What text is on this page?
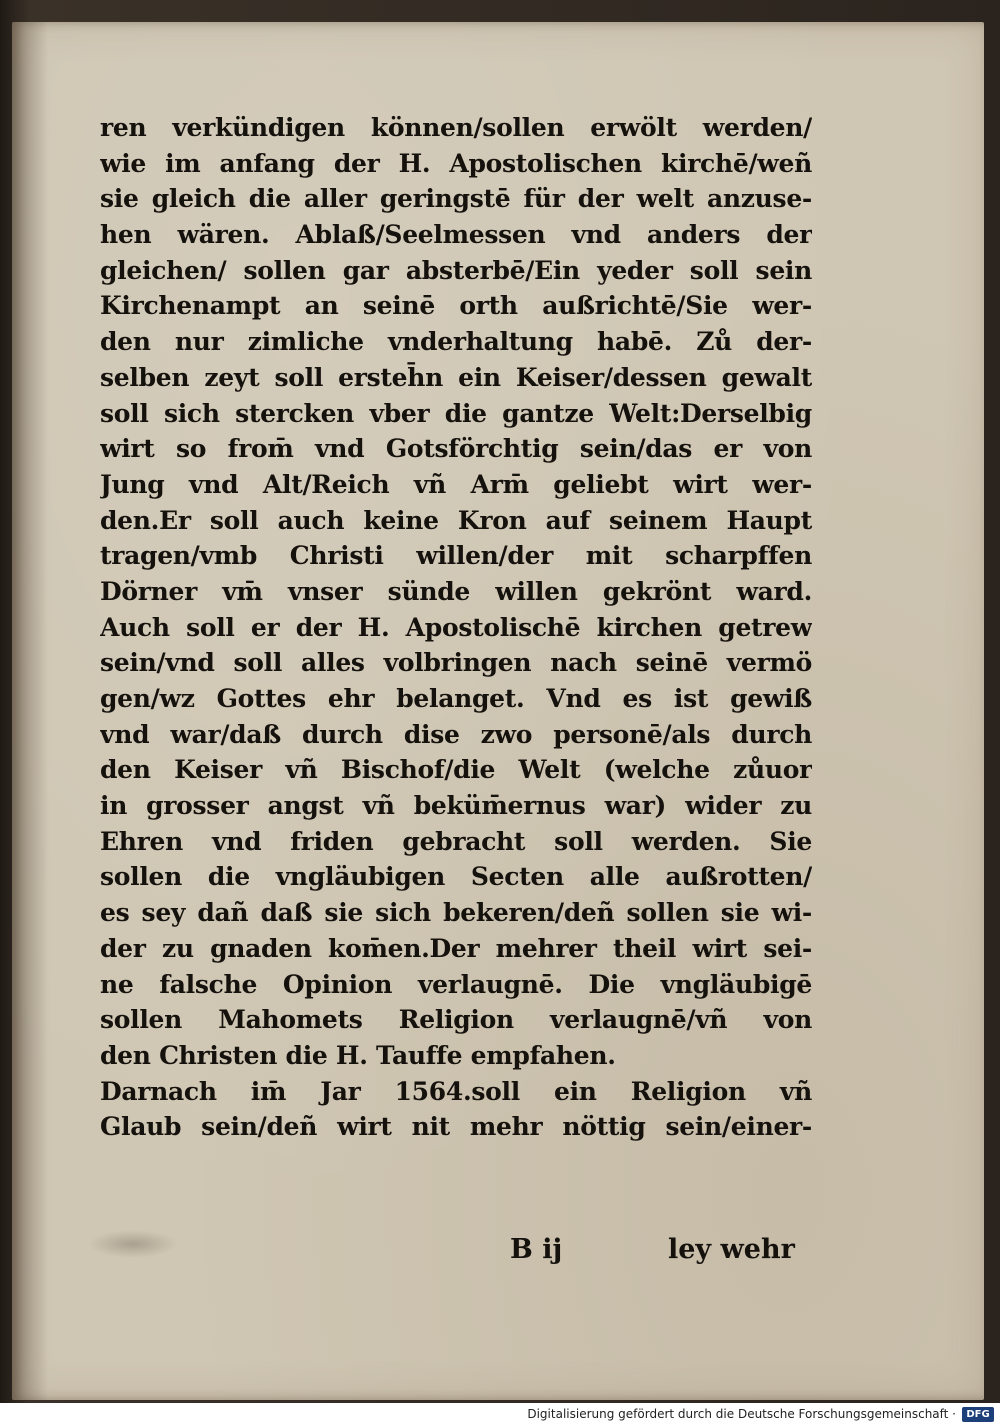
ren verkündigen können/sollen erwölt werden/
wie im anfang der H. Apostolischen kirchē/weñ
sie gleich die aller geringstē für der welt anzuse-
hen wären. Ablaß/Seelmessen vnd anders der
gleichen/ sollen gar absterbē/Ein yeder soll sein
Kirchenampt an seinē orth außrichtē/Sie wer-
den nur zimliche vnderhaltung habē. Zů der-
selben zeyt soll ersteh̄n ein Keiser/dessen gewalt
soll sich stercken vber die gantze Welt:Derselbig
wirt so from̄ vnd Gotsförchtig sein/das er von
Jung vnd Alt/Reich vñ Arm̄ geliebt wirt wer-
den.Er soll auch keine Kron auf seinem Haupt
tragen/vmb Christi willen/der mit scharpffen
Dörner vm̄ vnser sünde willen gekrönt ward.
Auch soll er der H. Apostolischē kirchen getrew
sein/vnd soll alles volbringen nach seinē vermö
gen/wz Gottes ehr belanget. Vnd es ist gewiß
vnd war/daß durch dise zwo personē/als durch
den Keiser vñ Bischof/die Welt (welche zůuor
in grosser angst vñ beküm̄ernus war) wider zu
Ehren vnd friden gebracht soll werden. Sie
sollen die vngläubigen Secten alle außrotten/
es sey dañ daß sie sich bekeren/deñ sollen sie wi-
der zu gnaden kom̄en.Der mehrer theil wirt sei-
ne falsche Opinion verlaugnē. Die vngläubigē
sollen Mahomets Religion verlaugnē/vñ von
den Christen die H. Tauffe empfahen.
Darnach im̄ Jar 1564.soll ein Religion vñ
Glaub sein/deñ wirt nit mehr nöttig sein/einer-
B ij	ley wehr
Digitalisierung gefördert durch die Deutsche Forschungsgemeinschaft ·	DFG
